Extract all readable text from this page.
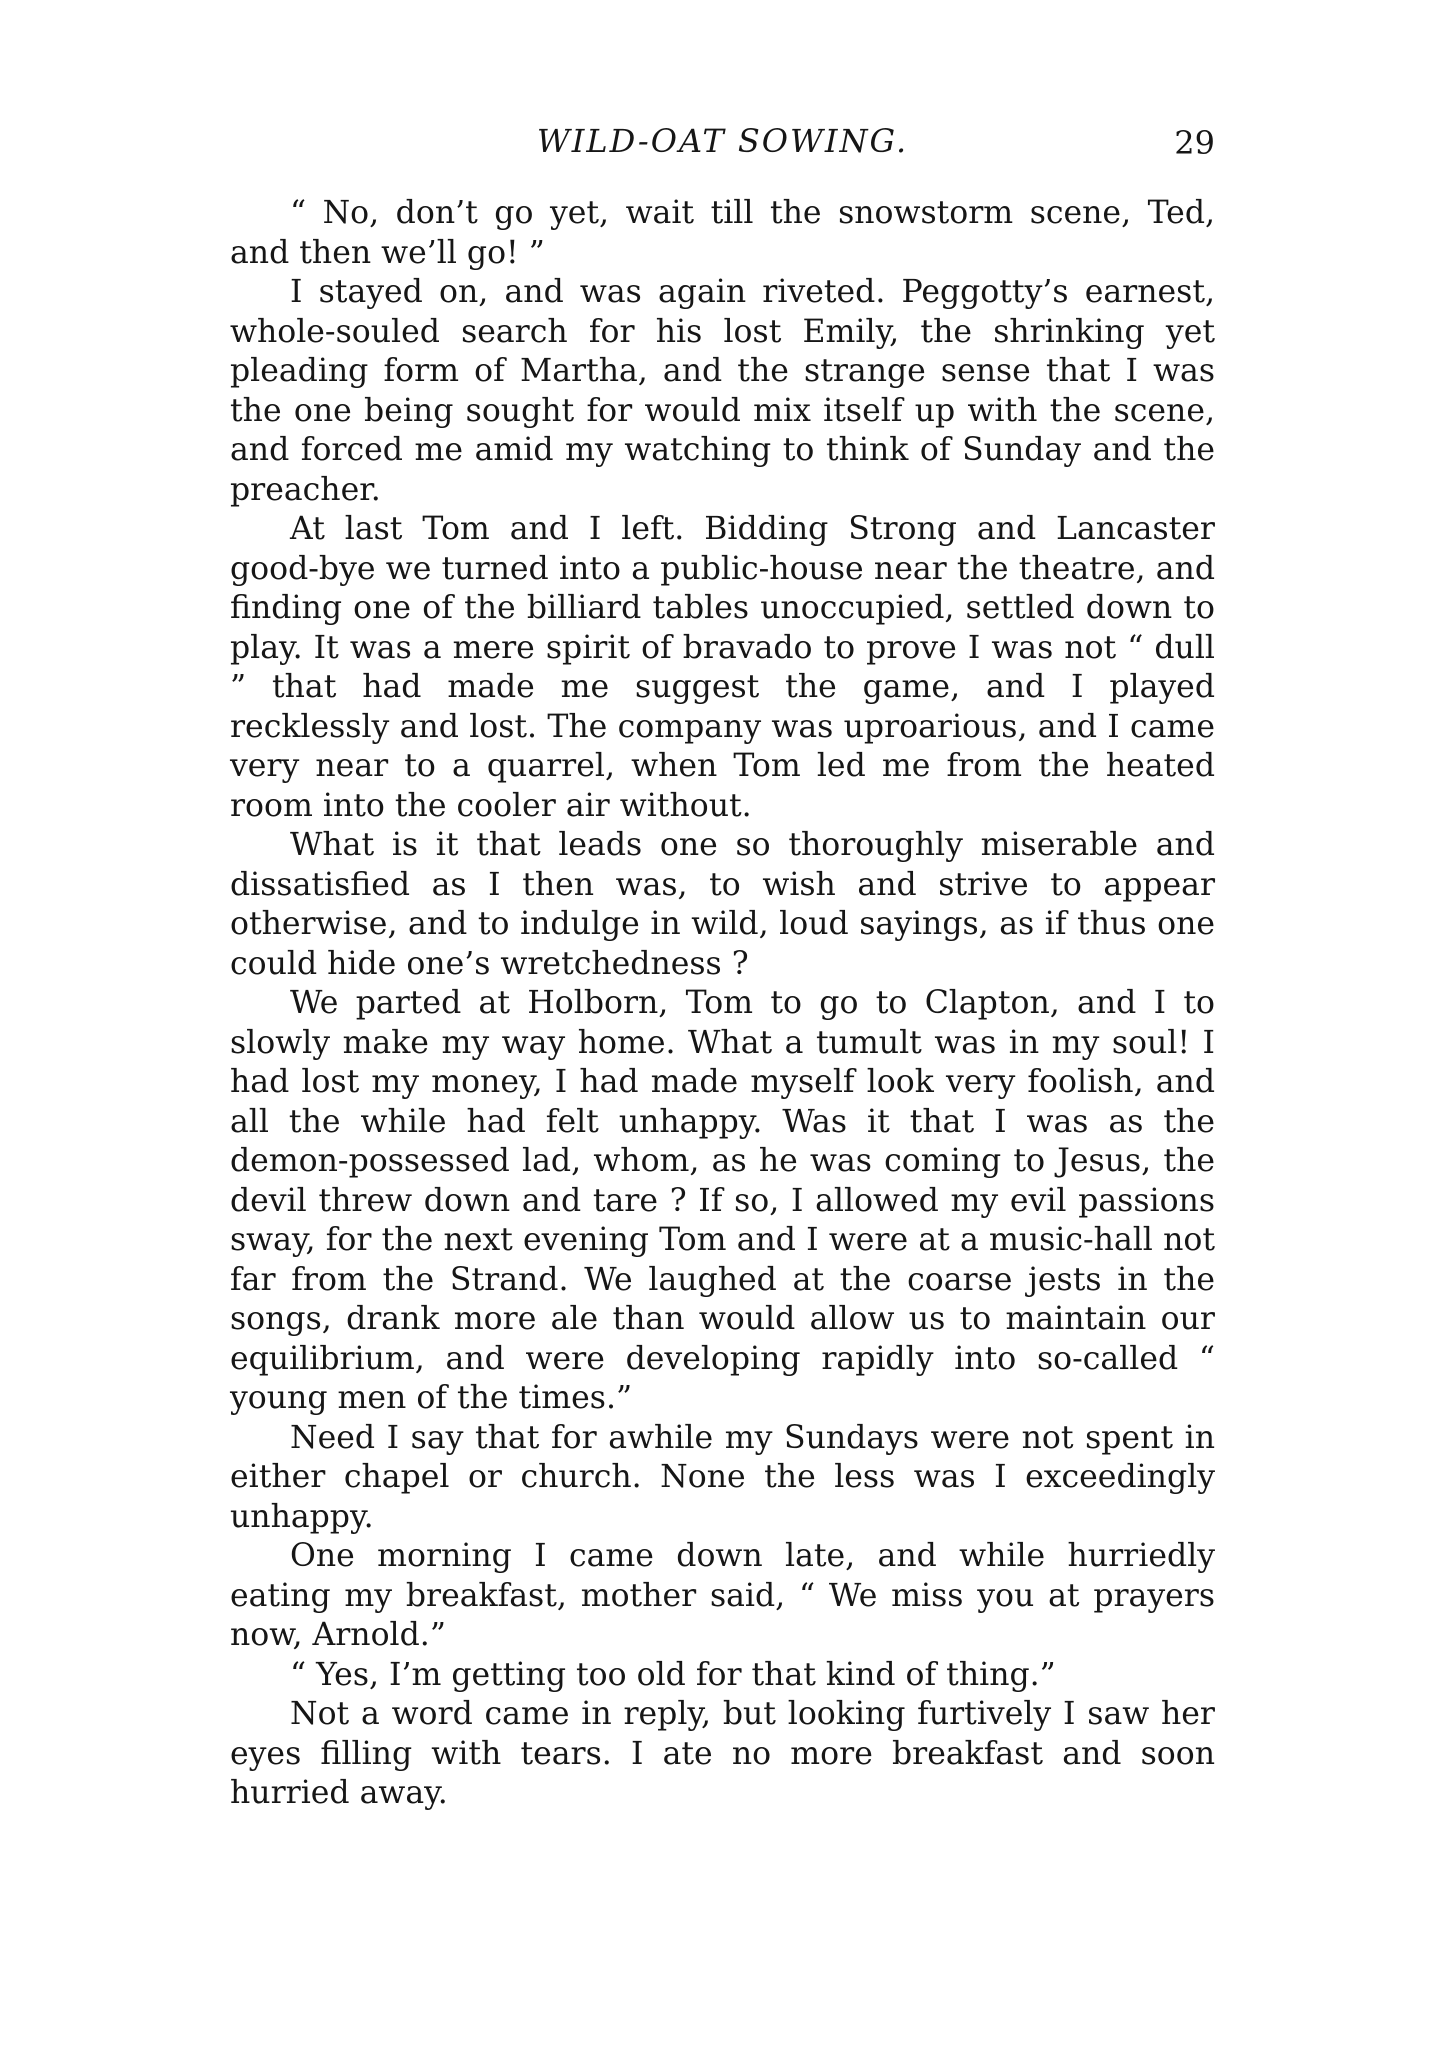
WILD-OAT SOWING.	29

“ No, don’t go yet, wait till the snowstorm scene, Ted, and then we’ll go! ”

I stayed on, and was again riveted. Peggotty’s earnest, whole-souled search for his lost Emily, the shrinking yet pleading form of Martha, and the strange sense that I was the one being sought for would mix itself up with the scene, and forced me amid my watching to think of Sunday and the preacher.

At last Tom and I left. Bidding Strong and Lancaster good-bye we turned into a public-house near the theatre, and finding one of the billiard tables unoccupied, settled down to play. It was a mere spirit of bravado to prove I was not “ dull ” that had made me suggest the game, and I played recklessly and lost. The company was uproarious, and I came very near to a quarrel, when Tom led me from the heated room into the cooler air without.

What is it that leads one so thoroughly miserable and dissatisfied as I then was, to wish and strive to appear otherwise, and to indulge in wild, loud sayings, as if thus one could hide one’s wretchedness ?

We parted at Holborn, Tom to go to Clapton, and I to slowly make my way home. What a tumult was in my soul! I had lost my money, I had made myself look very foolish, and all the while had felt unhappy. Was it that I was as the demon-possessed lad, whom, as he was coming to Jesus, the devil threw down and tare ? If so, I allowed my evil passions sway, for the next evening Tom and I were at a music-hall not far from the Strand. We laughed at the coarse jests in the songs, drank more ale than would allow us to maintain our equilibrium, and were developing rapidly into so-called “ young men of the times.”

Need I say that for awhile my Sundays were not spent in either chapel or church. None the less was I exceedingly unhappy.

One morning I came down late, and while hurriedly eating my breakfast, mother said, “ We miss you at prayers now, Arnold.”

“ Yes, I’m getting too old for that kind of thing.”

Not a word came in reply, but looking furtively I saw her eyes filling with tears. I ate no more breakfast and soon hurried away.
